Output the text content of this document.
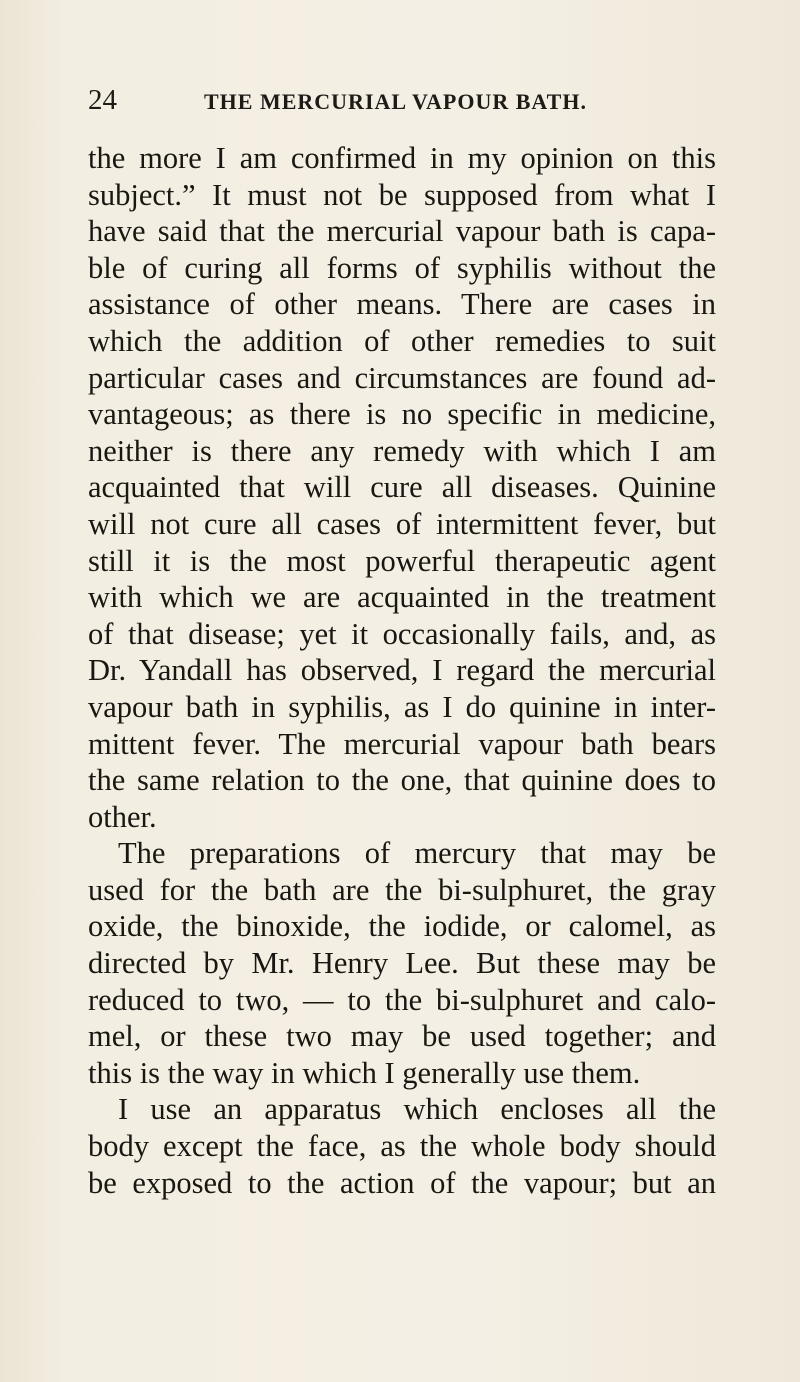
24	THE MERCURIAL VAPOUR BATH.
the more I am confirmed in my opinion on this
subject.” It must not be supposed from what I
have said that the mercurial vapour bath is capa-
ble of curing all forms of syphilis without the
assistance of other means. There are cases in
which the addition of other remedies to suit
particular cases and circumstances are found ad-
vantageous; as there is no specific in medicine,
neither is there any remedy with which I am
acquainted that will cure all diseases. Quinine
will not cure all cases of intermittent fever, but
still it is the most powerful therapeutic agent
with which we are acquainted in the treatment
of that disease; yet it occasionally fails, and, as
Dr. Yandall has observed, I regard the mercurial
vapour bath in syphilis, as I do quinine in inter-
mittent fever. The mercurial vapour bath bears
the same relation to the one, that quinine does to
other.
The preparations of mercury that may be
used for the bath are the bi-sulphuret, the gray
oxide, the binoxide, the iodide, or calomel, as
directed by Mr. Henry Lee. But these may be
reduced to two, — to the bi-sulphuret and calo-
mel, or these two may be used together; and
this is the way in which I generally use them.
I use an apparatus which encloses all the
body except the face, as the whole body should
be exposed to the action of the vapour; but an
